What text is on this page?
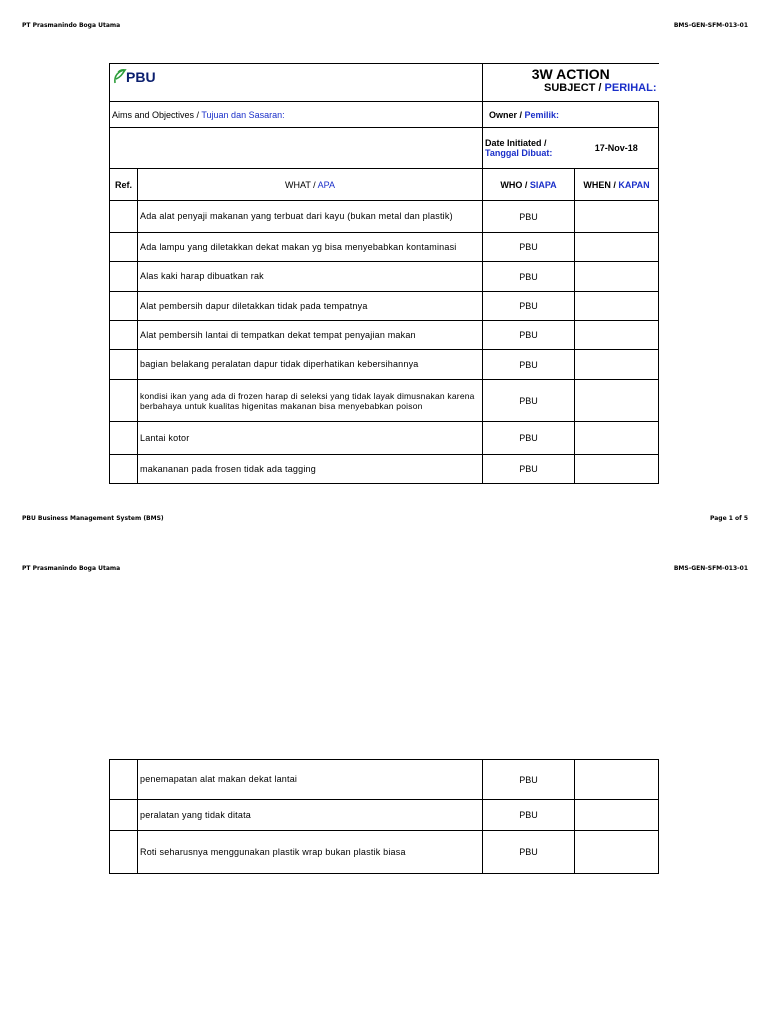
PT Prasmanindo Boga Utama	BMS-GEN-SFM-013-01
PBU		3W ACTION
SUBJECT / PERIHAL:	

Aims and Objectives / Tujuan dan Sasaran:		Owner / Pemilik:	

		Date Initiated /
Tanggal Dibuat:	17-Nov-18
Ref.	WHAT / APA	WHO / SIAPA	WHEN / KAPAN
	Ada alat penyaji makanan yang terbuat dari kayu (bukan metal dan plastik)	PBU	
	Ada lampu yang diletakkan dekat makan yg bisa menyebabkan kontaminasi	PBU	
	Alas kaki harap dibuatkan rak	PBU	
	Alat pembersih dapur diletakkan tidak pada tempatnya	PBU	
	Alat pembersih lantai di tempatkan dekat tempat penyajian makan	PBU	
	bagian belakang peralatan dapur tidak diperhatikan kebersihannya	PBU	
	kondisi ikan yang ada di frozen harap di seleksi yang tidak layak dimusnakan karena berbahaya untuk kualitas higenitas makanan bisa menyebabkan poison	PBU	
	Lantai kotor	PBU	
	makananan pada frosen tidak ada tagging	PBU	
PBU Business Management System (BMS)	Page 1 of 5
PT Prasmanindo Boga Utama	BMS-GEN-SFM-013-01
	penemapatan alat makan dekat lantai	PBU	
	peralatan yang tidak ditata	PBU	
	Roti seharusnya menggunakan plastik wrap bukan plastik biasa	PBU	
